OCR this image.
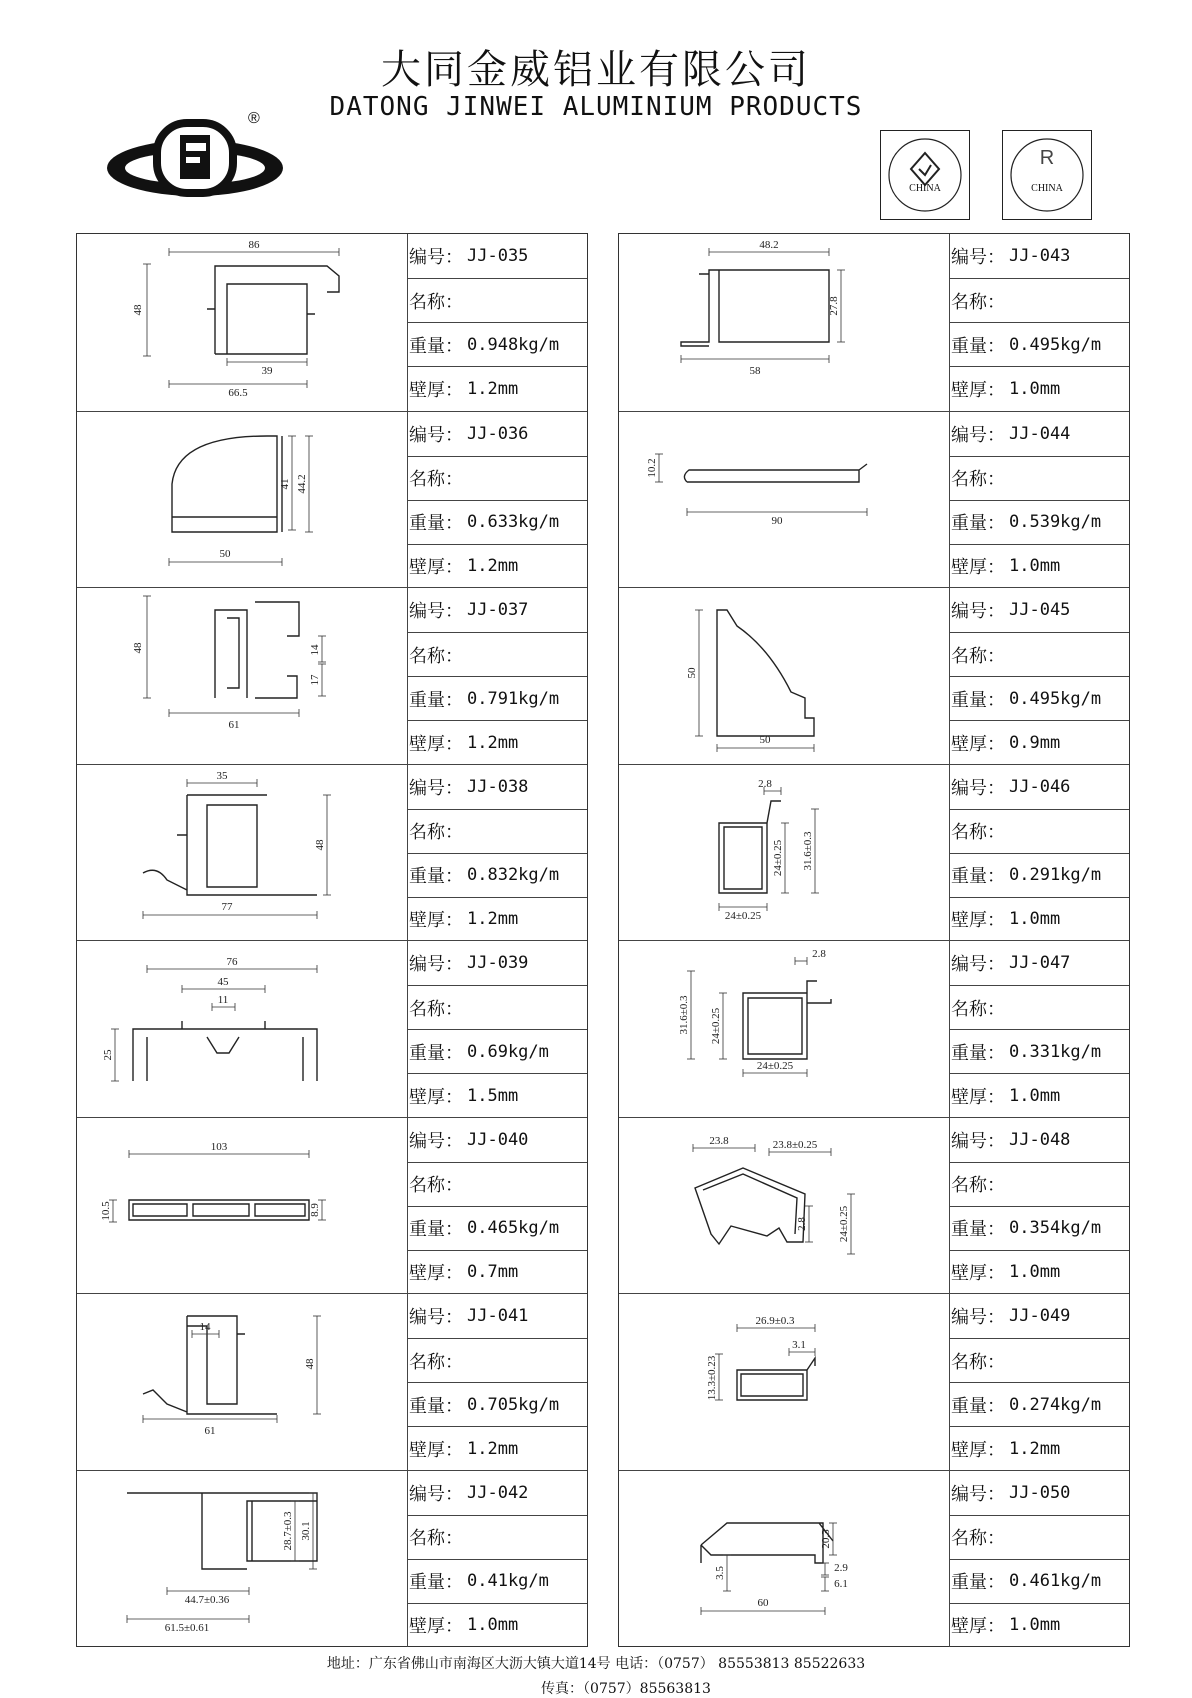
大同金威铝业有限公司
DATONG JINWEI ALUMINIUM PRODUCTS
®
CHINA
R
CHINA
86
48
39
66.5
编号： JJ-035
名称：
重量： 0.948kg/m
壁厚： 1.2mm
41 44.2
50
编号： JJ-036
名称：
重量： 0.633kg/m
壁厚： 1.2mm
48	14
17
61
编号： JJ-037
名称：
重量： 0.791kg/m
壁厚： 1.2mm
35
48
77
编号： JJ-038
名称：
重量： 0.832kg/m
壁厚： 1.2mm
76
45
11
25
编号： JJ-039
名称：
重量： 0.69kg/m
壁厚： 1.5mm
103
10.5	8.9
编号： JJ-040
名称：
重量： 0.465kg/m
壁厚： 0.7mm
14
48
61
编号： JJ-041
名称：
重量： 0.705kg/m
壁厚： 1.2mm
28.7±0.3 30.1
44.7±0.36
61.5±0.61
编号： JJ-042
名称：
重量： 0.41kg/m
壁厚： 1.0mm
48.2
27.8
58
编号： JJ-043
名称：
重量： 0.495kg/m
壁厚： 1.0mm
10.2
90
编号： JJ-044
名称：
重量： 0.539kg/m
壁厚： 1.0mm
50
50
编号： JJ-045
名称：
重量： 0.495kg/m
壁厚： 0.9mm
2.8
24±0.25 31.6±0.3
24±0.25
编号： JJ-046
名称：
重量： 0.291kg/m
壁厚： 1.0mm
2.8
31.6±0.3 24±0.25
24±0.25
编号： JJ-047
名称：
重量： 0.331kg/m
壁厚： 1.0mm
23.8	23.8±0.25
2.8	24±0.25
编号： JJ-048
名称：
重量： 0.354kg/m
壁厚： 1.0mm
26.9±0.3
3.1
13.3±0.23
编号： JJ-049
名称：
重量： 0.274kg/m
壁厚： 1.2mm
20.3
3.5	2.9
6.1
60
编号： JJ-050
名称：
重量： 0.461kg/m
壁厚： 1.0mm
地址：广东省佛山市南海区大沥大镇大道14号 电话：（0757） 85553813 85522633
传真：（0757）85563813
